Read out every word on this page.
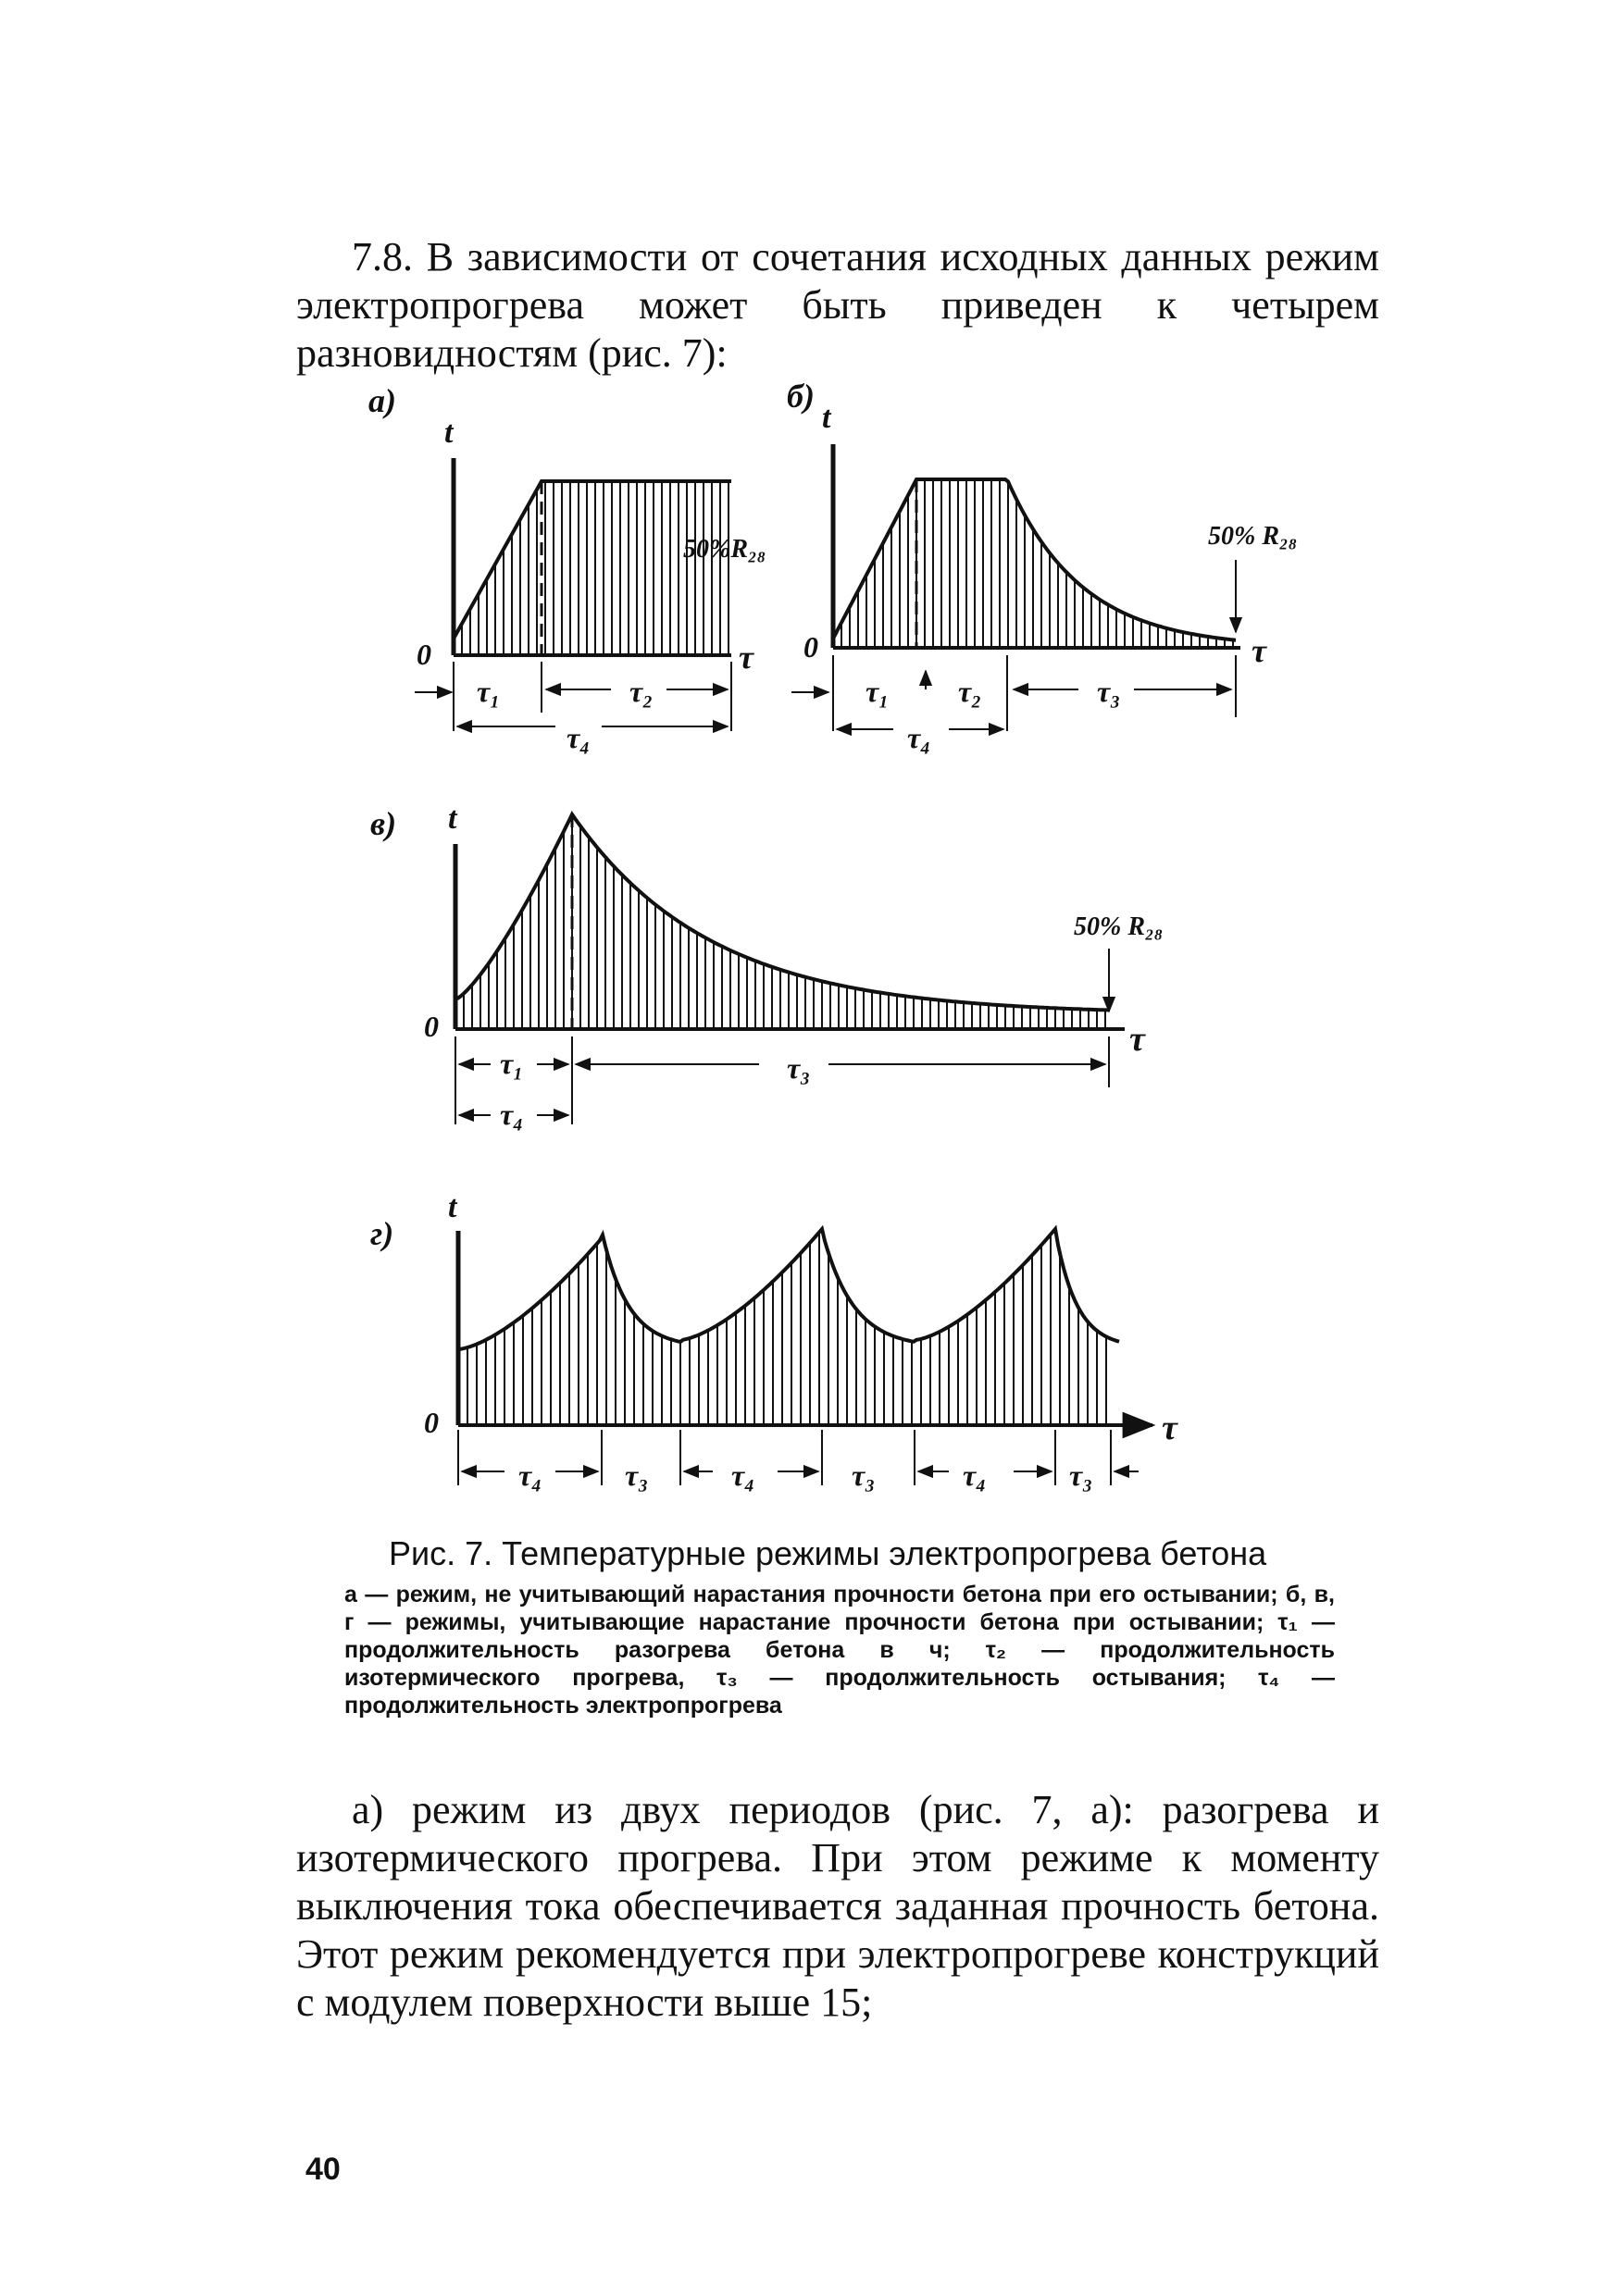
7.8. В зависимости от сочетания исходных данных режим электропрогрева может быть приведен к четырем разновидностям (рис. 7):
а)
t
0	τ
50%R₂₈
τ₁	τ₂
τ₄
б)
t
0	τ
50% R₂₈
τ₁ τ₂	τ₃
τ₄
в) t
0	τ
50% R₂₈
τ₁	τ₃
τ₄
г)
t
0	τ
τ₄	τ₃	τ₄	τ₃	τ₄	τ₃
Рис. 7. Температурные режимы электропрогрева бетона
а — режим, не учитывающий нарастания прочности бетона при его остывании; б, в, г — режимы, учитывающие нарастание прочности бетона при остывании; τ₁ — продолжительность разогрева бетона в ч; τ₂ — продолжительность изотермического прогрева, τ₃ — продолжительность остывания; τ₄ — продолжительность электропрогрева
а) режим из двух периодов (рис. 7, а): разогрева и изотермического прогрева. При этом режиме к моменту выключения тока обеспечивается заданная прочность бетона. Этот режим рекомендуется при электропрогреве конструкций с модулем поверхности выше 15;
40
